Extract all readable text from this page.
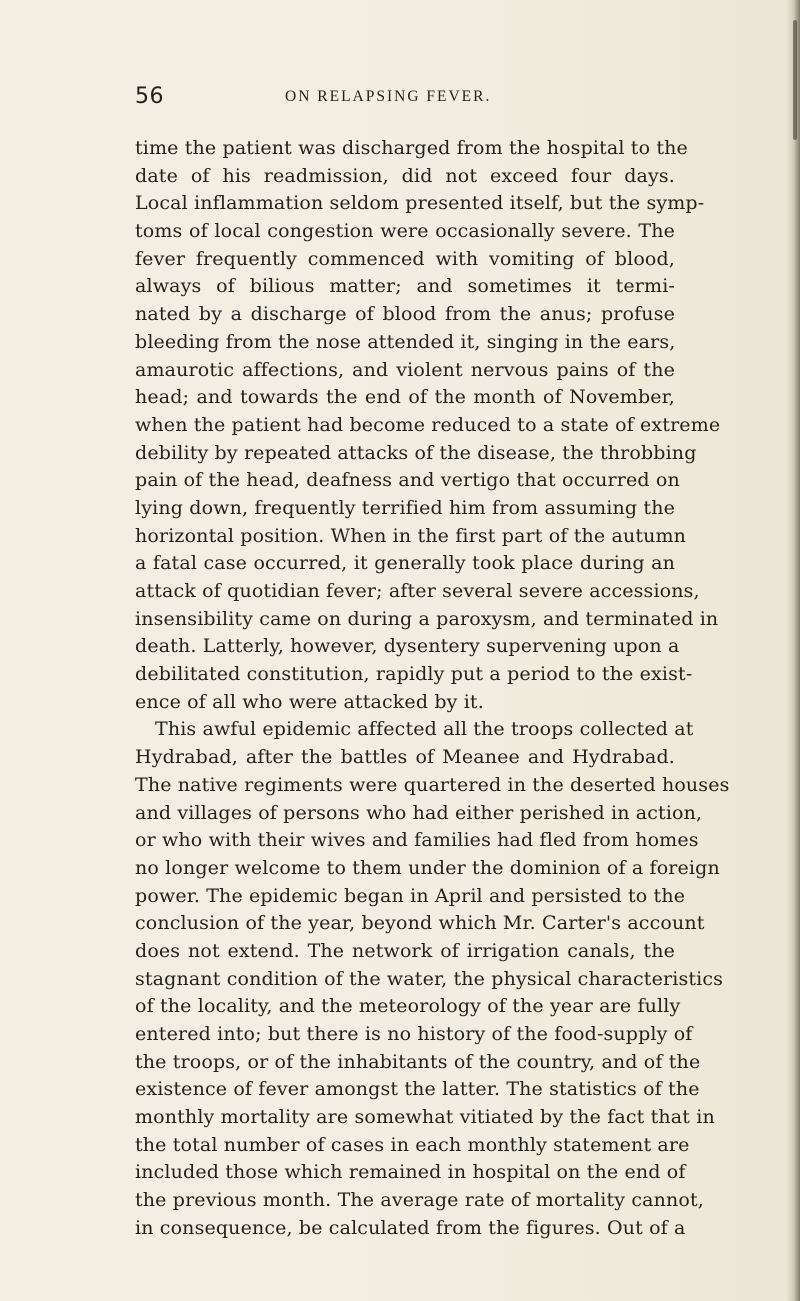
56	ON RELAPSING FEVER.
time the patient was discharged from the hospital to the
date of his readmission, did not exceed four days.
Local inflammation seldom presented itself, but the symp-
toms of local congestion were occasionally severe. The
fever frequently commenced with vomiting of blood,
always of bilious matter; and sometimes it termi-
nated by a discharge of blood from the anus; profuse
bleeding from the nose attended it, singing in the ears,
amaurotic affections, and violent nervous pains of the
head; and towards the end of the month of November,
when the patient had become reduced to a state of extreme
debility by repeated attacks of the disease, the throbbing
pain of the head, deafness and vertigo that occurred on
lying down, frequently terrified him from assuming the
horizontal position. When in the first part of the autumn
a fatal case occurred, it generally took place during an
attack of quotidian fever; after several severe accessions,
insensibility came on during a paroxysm, and terminated in
death. Latterly, however, dysentery supervening upon a
debilitated constitution, rapidly put a period to the exist-
ence of all who were attacked by it.
This awful epidemic affected all the troops collected at
Hydrabad, after the battles of Meanee and Hydrabad.
The native regiments were quartered in the deserted houses
and villages of persons who had either perished in action,
or who with their wives and families had fled from homes
no longer welcome to them under the dominion of a foreign
power. The epidemic began in April and persisted to the
conclusion of the year, beyond which Mr. Carter's account
does not extend. The network of irrigation canals, the
stagnant condition of the water, the physical characteristics
of the locality, and the meteorology of the year are fully
entered into; but there is no history of the food-supply of
the troops, or of the inhabitants of the country, and of the
existence of fever amongst the latter. The statistics of the
monthly mortality are somewhat vitiated by the fact that in
the total number of cases in each monthly statement are
included those which remained in hospital on the end of
the previous month. The average rate of mortality cannot,
in consequence, be calculated from the figures. Out of a
